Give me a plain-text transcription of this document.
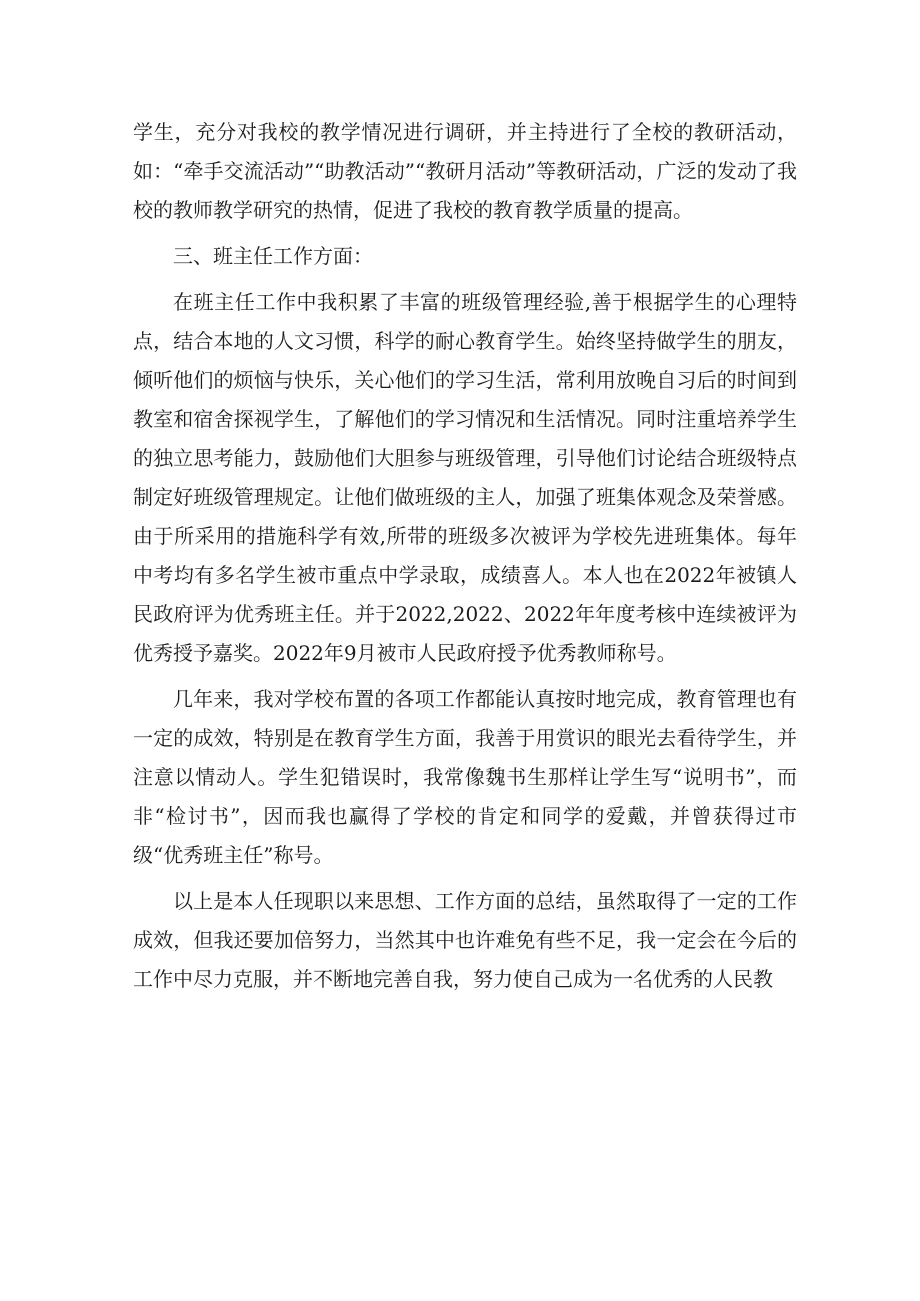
学生，充分对我校的教学情况进行调研，并主持进行了全校的教研活动，如：“牵手交流活动”“助教活动”“教研月活动”等教研活动，广泛的发动了我校的教师教学研究的热情，促进了我校的教育教学质量的提高。

三、班主任工作方面：

在班主任工作中我积累了丰富的班级管理经验,善于根据学生的心理特点，结合本地的人文习惯，科学的耐心教育学生。始终坚持做学生的朋友，倾听他们的烦恼与快乐，关心他们的学习生活，常利用放晚自习后的时间到教室和宿舍探视学生，了解他们的学习情况和生活情况。同时注重培养学生的独立思考能力，鼓励他们大胆参与班级管理，引导他们讨论结合班级特点制定好班级管理规定。让他们做班级的主人，加强了班集体观念及荣誉感。由于所采用的措施科学有效,所带的班级多次被评为学校先进班集体。每年中考均有多名学生被市重点中学录取，成绩喜人。本人也在2022年被镇人民政府评为优秀班主任。并于2022,2022、2022年年度考核中连续被评为优秀授予嘉奖。2022年9月被市人民政府授予优秀教师称号。

几年来，我对学校布置的各项工作都能认真按时地完成，教育管理也有一定的成效，特别是在教育学生方面，我善于用赏识的眼光去看待学生，并注意以情动人。学生犯错误时，我常像魏书生那样让学生写“说明书”，而非“检讨书”，因而我也赢得了学校的肯定和同学的爱戴，并曾获得过市级“优秀班主任”称号。

以上是本人任现职以来思想、工作方面的总结，虽然取得了一定的工作成效，但我还要加倍努力，当然其中也许难免有些不足，我一定会在今后的工作中尽力克服，并不断地完善自我，努力使自己成为一名优秀的人民教
